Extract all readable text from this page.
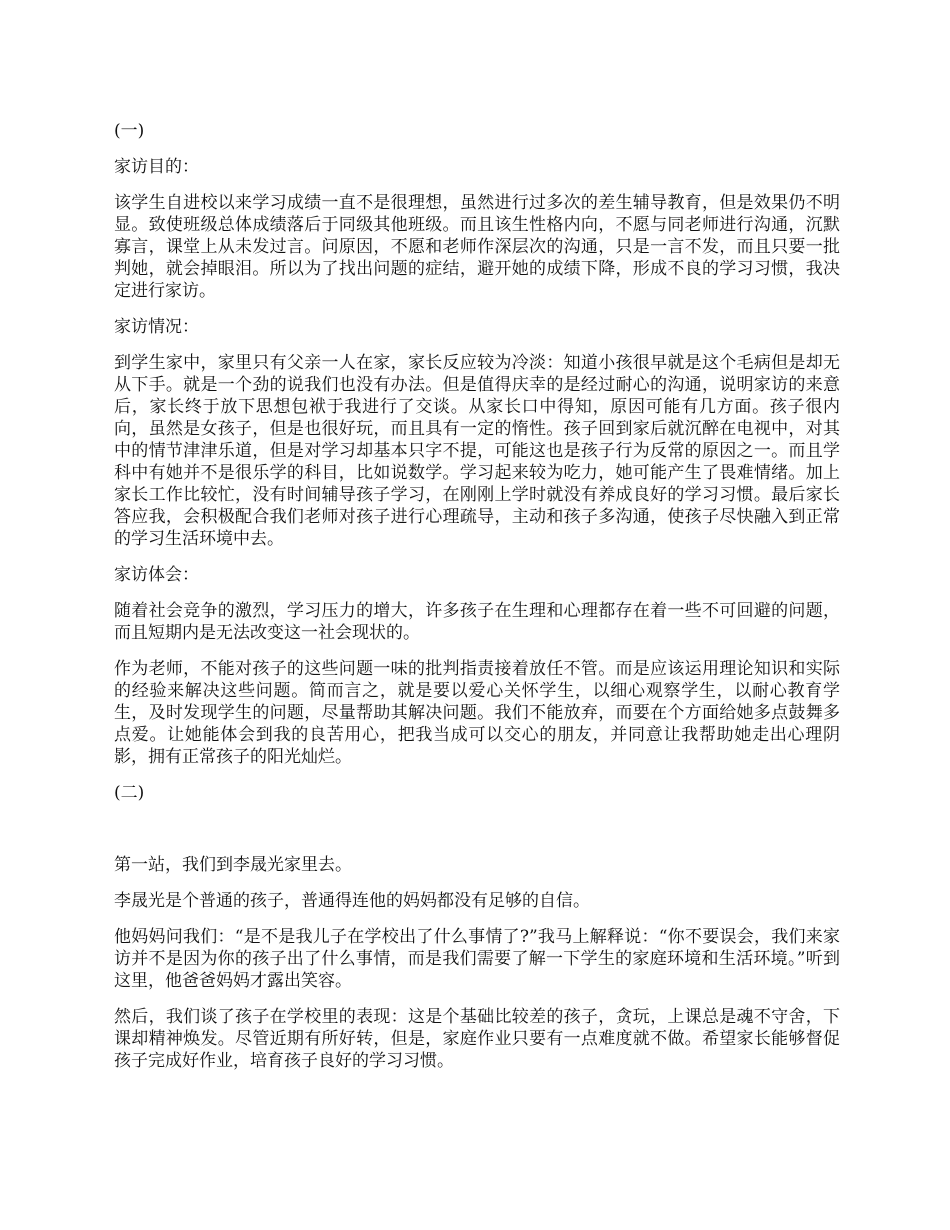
(一)

家访目的：

该学生自进校以来学习成绩一直不是很理想，虽然进行过多次的差生辅导教育，但是效果仍不明显。致使班级总体成绩落后于同级其他班级。而且该生性格内向，不愿与同老师进行沟通，沉默寡言，课堂上从未发过言。问原因，不愿和老师作深层次的沟通，只是一言不发，而且只要一批判她，就会掉眼泪。所以为了找出问题的症结，避开她的成绩下降，形成不良的学习习惯，我决定进行家访。

家访情况：

到学生家中，家里只有父亲一人在家，家长反应较为冷淡：知道小孩很早就是这个毛病但是却无从下手。就是一个劲的说我们也没有办法。但是值得庆幸的是经过耐心的沟通，说明家访的来意后，家长终于放下思想包袱于我进行了交谈。从家长口中得知，原因可能有几方面。孩子很内向，虽然是女孩子，但是也很好玩，而且具有一定的惰性。孩子回到家后就沉醉在电视中，对其中的情节津津乐道，但是对学习却基本只字不提，可能这也是孩子行为反常的原因之一。而且学科中有她并不是很乐学的科目，比如说数学。学习起来较为吃力，她可能产生了畏难情绪。加上家长工作比较忙，没有时间辅导孩子学习，在刚刚上学时就没有养成良好的学习习惯。最后家长答应我，会积极配合我们老师对孩子进行心理疏导，主动和孩子多沟通，使孩子尽快融入到正常的学习生活环境中去。

家访体会：

随着社会竞争的激烈，学习压力的增大，许多孩子在生理和心理都存在着一些不可回避的问题，而且短期内是无法改变这一社会现状的。

作为老师，不能对孩子的这些问题一味的批判指责接着放任不管。而是应该运用理论知识和实际的经验来解决这些问题。简而言之，就是要以爱心关怀学生，以细心观察学生，以耐心教育学生，及时发现学生的问题，尽量帮助其解决问题。我们不能放弃，而要在个方面给她多点鼓舞多点爱。让她能体会到我的良苦用心，把我当成可以交心的朋友，并同意让我帮助她走出心理阴影，拥有正常孩子的阳光灿烂。

(二)

第一站，我们到李晟光家里去。

李晟光是个普通的孩子，普通得连他的妈妈都没有足够的自信。

他妈妈问我们：“是不是我儿子在学校出了什么事情了?”我马上解释说：“你不要误会，我们来家访并不是因为你的孩子出了什么事情，而是我们需要了解一下学生的家庭环境和生活环境。”听到这里，他爸爸妈妈才露出笑容。

然后，我们谈了孩子在学校里的表现：这是个基础比较差的孩子，贪玩，上课总是魂不守舍，下课却精神焕发。尽管近期有所好转，但是，家庭作业只要有一点难度就不做。希望家长能够督促孩子完成好作业，培育孩子良好的学习习惯。
